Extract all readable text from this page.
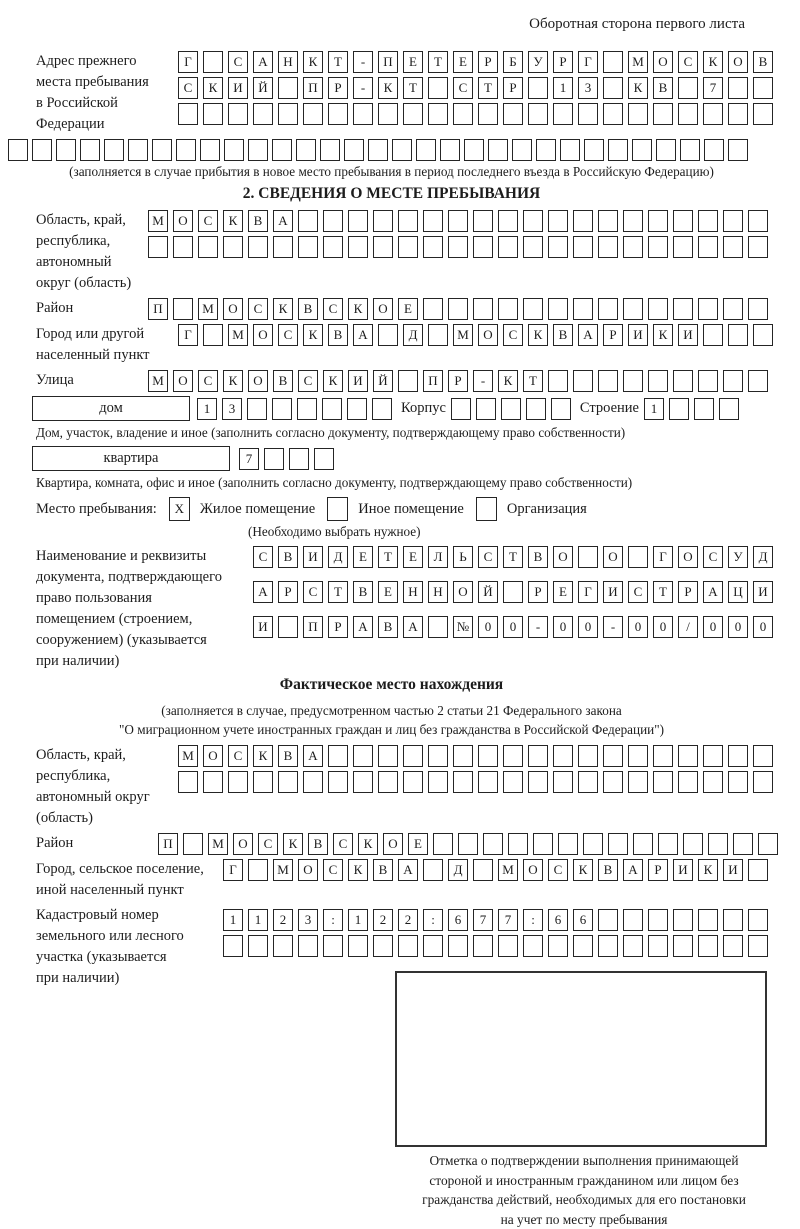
Оборотная сторона первого листа
Адрес прежнего
места пребывания
в Российской
Федерации
Г	С	А	Н	К	Т	-	П	Е	Т	Е	Р	Б	У	Р	Г	М	О	С	К	О	В
С	К	И	Й	П	Р	-	К	Т	С	Т	Р	1	3	К	В	7
(заполняется в случае прибытия в новое место пребывания в период последнего въезда в Российскую Федерацию)
2. СВЕДЕНИЯ О МЕСТЕ ПРЕБЫВАНИЯ
Область, край,
республика,
автономный
округ (область)
М	О	С	К	В	А
Район	П	М	О	С	К	В	С	К	О	Е
Город или другой
населенный пункт
Г	М	О	С	К	В	А	Д	М	О	С	К	В	А	Р	И	К	И
Улица	М	О	С	К	О	В	С	К	И	Й	П	Р	-	К	Т
дом	1	3	Корпус	Строение 1
Дом, участок, владение и иное (заполнить согласно документу, подтверждающему право собственности)
квартира	7
Квартира, комната, офис и иное (заполнить согласно документу, подтверждающему право собственности)
Место пребывания:	X	Жилое помещение	Иное помещение	Организация
(Необходимо выбрать нужное)
Наименование и реквизиты
документа, подтверждающего
право пользования
помещением (строением,
сооружением) (указывается
при наличии)
С	В	И	Д	Е	Т	Е	Л	Ь	С	Т	В	О	О	Г	О	С	У	Д
А	Р	С	Т	В	Е	Н	Н	О	Й	Р	Е	Г	И	С	Т	Р	А	Ц	И
И	П	Р	А	В	А	№	0	0	-	0	0	-	0	0	/	0	0	0
Фактическое место нахождения
(заполняется в случае, предусмотренном частью 2 статьи 21 Федерального закона
"О миграционном учете иностранных граждан и лиц без гражданства в Российской Федерации")
Область, край,
республика,
автономный округ
(область)
М	О	С	К	В	А
Район	П	М	О	С	К	В	С	К	О	Е
Город, сельское поселение,
иной населенный пункт
Г	М	О	С	К	В	А	Д	М	О	С	К	В	А	Р	И	К	И
Кадастровый номер
земельного или лесного
участка (указывается
при наличии)
1	1	2	3	:	1	2	2	:	6	7	7	:	6	6
Отметка о подтверждении выполнения принимающей
стороной и иностранным гражданином или лицом без
гражданства действий, необходимых для его постановки
на учет по месту пребывания
